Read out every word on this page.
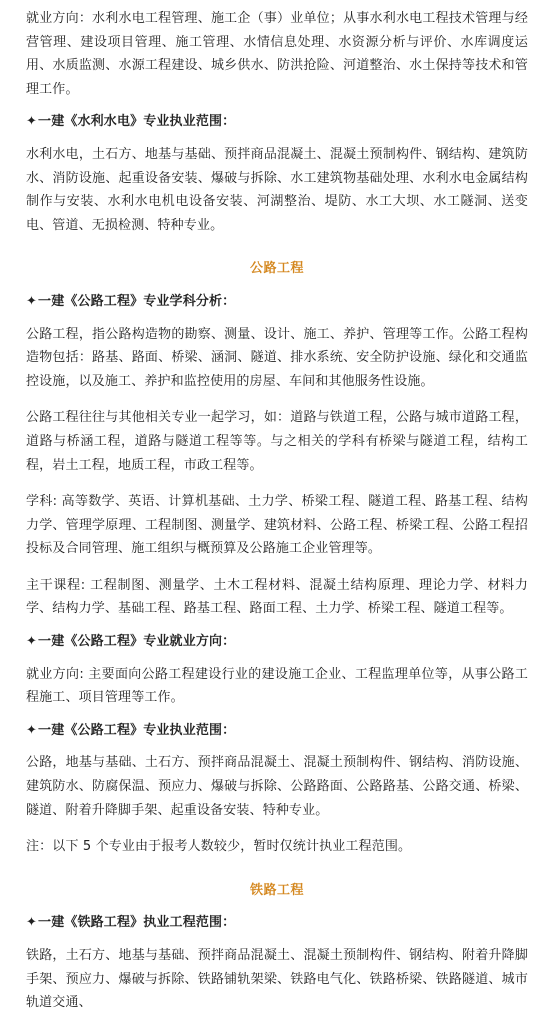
就业方向：水利水电工程管理、施工企（事）业单位；从事水利水电工程技术管理与经营管理、建设项目管理、施工管理、水情信息处理、水资源分析与评价、水库调度运用、水质监测、水源工程建设、城乡供水、防洪抢险、河道整治、水土保持等技术和管理工作。

✦一建《水利水电》专业执业范围：

水利水电，土石方、地基与基础、预拌商品混凝土、混凝土预制构件、钢结构、建筑防水、消防设施、起重设备安装、爆破与拆除、水工建筑物基础处理、水利水电金属结构制作与安装、水利水电机电设备安装、河湖整治、堤防、水工大坝、水工隧洞、送变电、管道、无损检测、特种专业。

公路工程
✦一建《公路工程》专业学科分析：

公路工程，指公路构造物的勘察、测量、设计、施工、养护、管理等工作。公路工程构造物包括：路基、路面、桥梁、涵洞、隧道、排水系统、安全防护设施、绿化和交通监控设施，以及施工、养护和监控使用的房屋、车间和其他服务性设施。

公路工程往往与其他相关专业一起学习，如：道路与铁道工程，公路与城市道路工程，道路与桥涵工程，道路与隧道工程等等。与之相关的学科有桥梁与隧道工程，结构工程，岩土工程，地质工程，市政工程等。

学科: 高等数学、英语、计算机基础、土力学、桥梁工程、隧道工程、路基工程、结构力学、管理学原理、工程制图、测量学、建筑材料、公路工程、桥梁工程、公路工程招投标及合同管理、施工组织与概预算及公路施工企业管理等。

主干课程: 工程制图、测量学、土木工程材料、混凝土结构原理、理论力学、材料力学、结构力学、基础工程、路基工程、路面工程、土力学、桥梁工程、隧道工程等。

✦一建《公路工程》专业就业方向：

就业方向: 主要面向公路工程建设行业的建设施工企业、工程监理单位等，从事公路工程施工、项目管理等工作。

✦一建《公路工程》专业执业范围：

公路，地基与基础、土石方、预拌商品混凝土、混凝土预制构件、钢结构、消防设施、建筑防水、防腐保温、预应力、爆破与拆除、公路路面、公路路基、公路交通、桥梁、隧道、附着升降脚手架、起重设备安装、特种专业。

注：以下 5 个专业由于报考人数较少，暂时仅统计执业工程范围。

铁路工程
✦一建《铁路工程》执业工程范围：

铁路，土石方、地基与基础、预拌商品混凝土、混凝土预制构件、钢结构、附着升降脚手架、预应力、爆破与拆除、铁路铺轨架梁、铁路电气化、铁路桥梁、铁路隧道、城市轨道交通、
